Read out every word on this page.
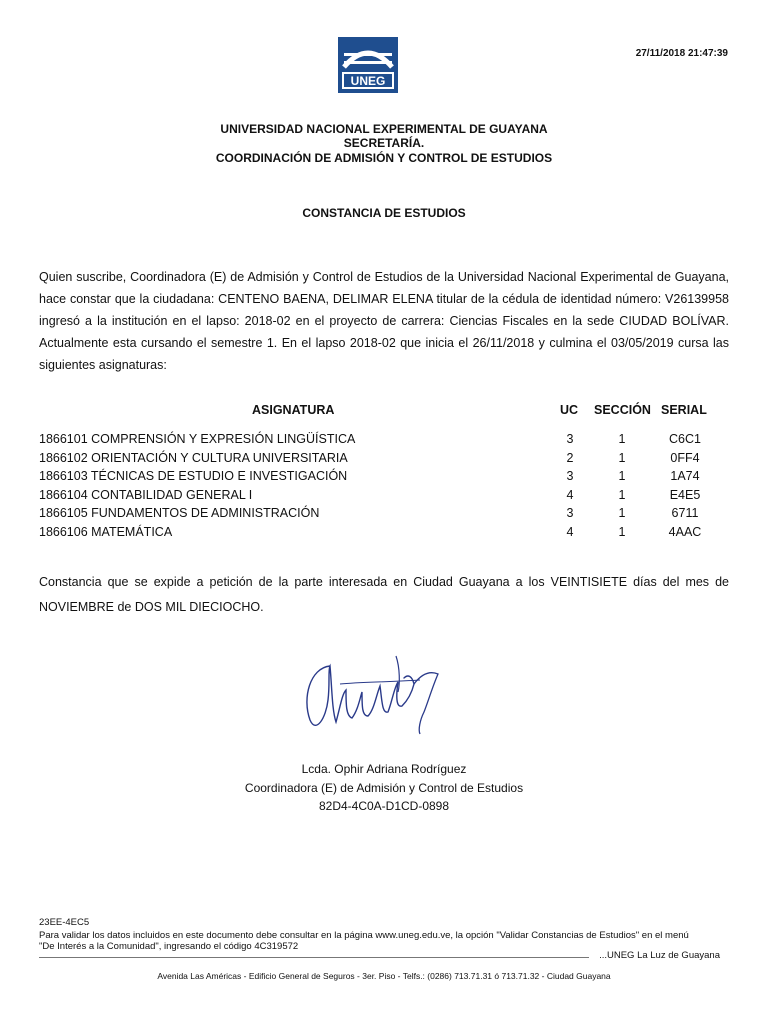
UNEG
27/11/2018 21:47:39
UNIVERSIDAD NACIONAL EXPERIMENTAL DE GUAYANA
SECRETARÍA.
COORDINACIÓN DE ADMISIÓN Y CONTROL DE ESTUDIOS
CONSTANCIA DE ESTUDIOS
Quien suscribe, Coordinadora (E) de Admisión y Control de Estudios de la Universidad Nacional Experimental de Guayana, hace constar que la ciudadana: CENTENO BAENA, DELIMAR ELENA titular de la cédula de identidad número: V26139958 ingresó a la institución en el lapso: 2018-02 en el proyecto de carrera: Ciencias Fiscales en la sede CIUDAD BOLÍVAR. Actualmente esta cursando el semestre 1. En el lapso 2018-02 que inicia el 26/11/2018 y culmina el 03/05/2019 cursa las siguientes asignaturas:
ASIGNATURA	UC SECCIÓN SERIAL
1866101 COMPRENSIÓN Y EXPRESIÓN LINGÜÍSTICA	3	1	C6C1
1866102 ORIENTACIÓN Y CULTURA UNIVERSITARIA	2	1	0FF4
1866103 TÉCNICAS DE ESTUDIO E INVESTIGACIÓN	3	1	1A74
1866104 CONTABILIDAD GENERAL I	4	1	E4E5
1866105 FUNDAMENTOS DE ADMINISTRACIÓN	3	1	6711
1866106 MATEMÁTICA	4	1	4AAC
Constancia que se expide a petición de la parte interesada en Ciudad Guayana a los VEINTISIETE días del mes de NOVIEMBRE de DOS MIL DIECIOCHO.
Lcda. Ophir Adriana Rodríguez
Coordinadora (E) de Admisión y Control de Estudios
82D4-4C0A-D1CD-0898
23EE-4EC5
Para validar los datos incluidos en este documento debe consultar en la página www.uneg.edu.ve, la opción "Validar Constancias de Estudios" en el menú
"De Interés a la Comunidad", ingresando el código 4C319572
...UNEG La Luz de Guayana
Avenida Las Américas - Edificio General de Seguros - 3er. Piso - Telfs.: (0286) 713.71.31 ó 713.71.32 - Ciudad Guayana
